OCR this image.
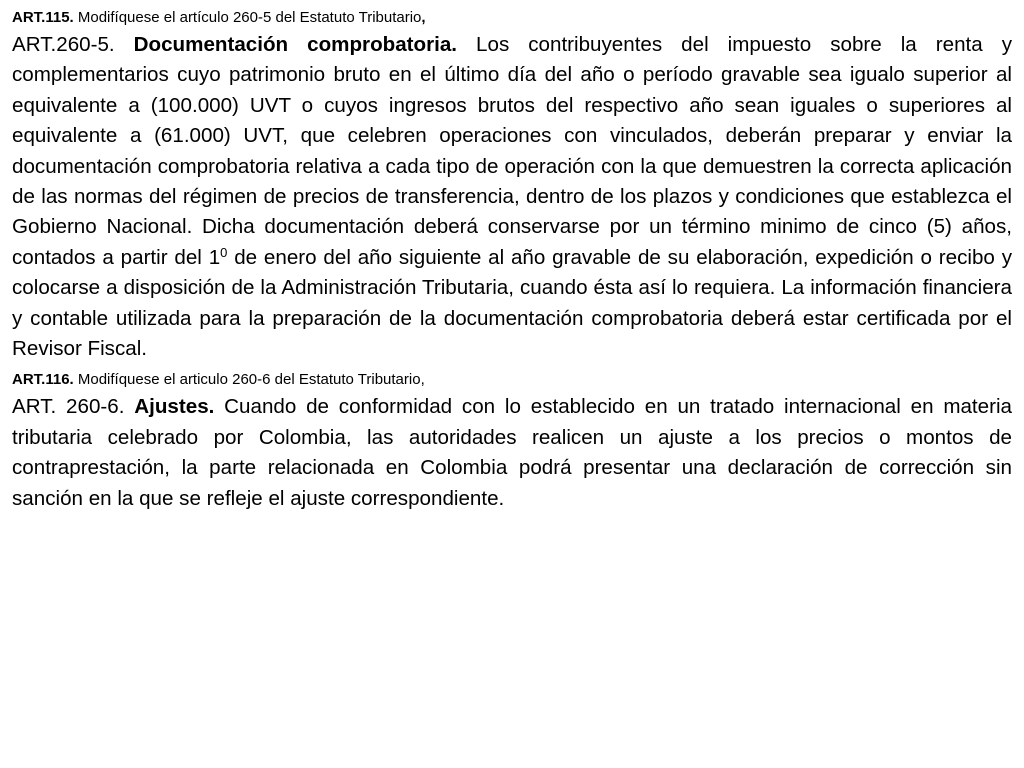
ART.115. Modifíquese el artículo 260-5 del Estatuto Tributario,

ART.260-5. Documentación comprobatoria. Los contribuyentes del impuesto sobre la renta y complementarios cuyo patrimonio bruto en el último día del año o período gravable sea igualo superior al equivalente a (100.000) UVT o cuyos ingresos brutos del respectivo año sean iguales o superiores al equivalente a (61.000) UVT, que celebren operaciones con vinculados, deberán preparar y enviar la documentación comprobatoria relativa a cada tipo de operación con la que demuestren la correcta aplicación de las normas del régimen de precios de transferencia, dentro de los plazos y condiciones que establezca el Gobierno Nacional. Dicha documentación deberá conservarse por un término minimo de cinco (5) años, contados a partir del $1^0$ de enero del año siguiente al año gravable de su elaboración, expedición o recibo y colocarse a disposición de la Administración Tributaria, cuando ésta así lo requiera. La información financiera y contable utilizada para la preparación de la documentación comprobatoria deberá estar certificada por el Revisor Fiscal.

ART.116. Modifíquese el articulo 260-6 del Estatuto Tributario,

ART. 260-6. Ajustes. Cuando de conformidad con lo establecido en un tratado internacional en materia tributaria celebrado por Colombia, las autoridades realicen un ajuste a los precios o montos de contraprestación, la parte relacionada en Colombia podrá presentar una declaración de corrección sin sanción en la que se refleje el ajuste correspondiente.
